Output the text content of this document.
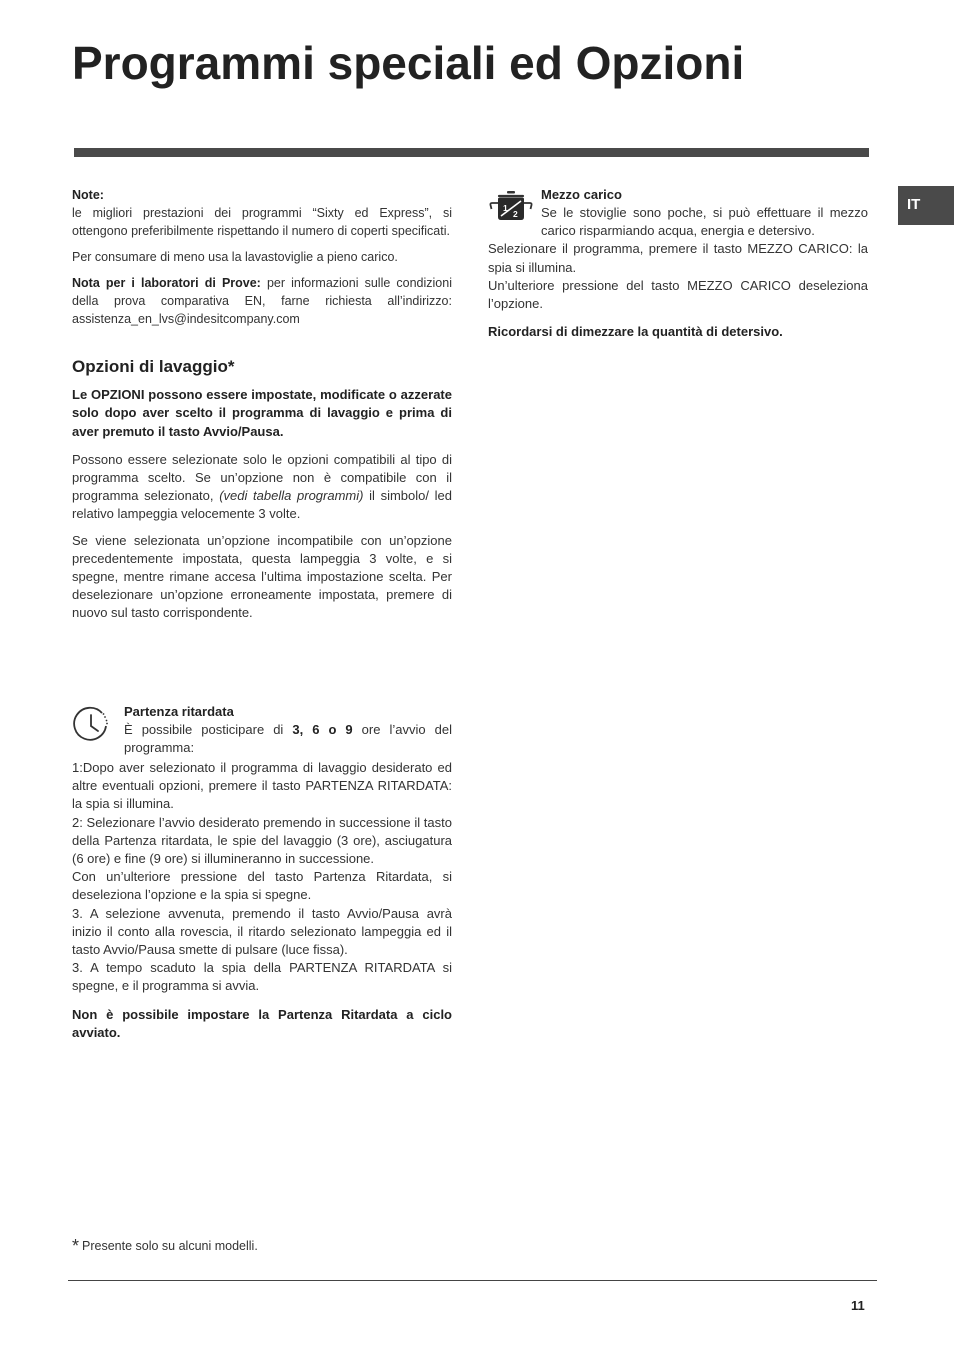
Programmi speciali ed Opzioni
IT
Note:

le migliori prestazioni dei programmi “Sixty ed Express”, si ottengono preferibilmente rispettando il numero di coperti specificati.

Per consumare di meno usa la lavastoviglie a pieno carico.

Nota per i laboratori di Prove: per informazioni sulle condizioni della prova comparativa EN, farne richiesta all’indirizzo: assistenza_en_lvs@indesitcompany.com

Opzioni di lavaggio*

Le OPZIONI possono essere impostate, modificate o azzerate solo dopo aver scelto il programma di lavaggio e prima di aver premuto il tasto Avvio/Pausa.

Possono essere selezionate solo le opzioni compatibili al tipo di programma scelto. Se un’opzione non è compatibile con il programma selezionato, (vedi tabella programmi) il simbolo/ led relativo lampeggia velocemente 3 volte.

Se viene selezionata un’opzione incompatibile con un’opzione precedentemente impostata, questa lampeggia 3 volte, e si spegne, mentre rimane accesa l’ultima impostazione scelta. Per deselezionare un’opzione erroneamente impostata, premere di nuovo sul tasto corrispondente.

Partenza ritardata

È possibile posticipare di 3, 6 o 9 ore l’avvio del programma:

1:Dopo aver selezionato il programma di lavaggio desiderato ed altre eventuali opzioni, premere il tasto PARTENZA RITARDATA: la spia si illumina.

2: Selezionare l’avvio desiderato premendo in successione il tasto della Partenza ritardata, le spie del lavaggio (3 ore), asciugatura (6 ore) e fine (9 ore) si illumineranno in successione.

Con un’ulteriore pressione del tasto Partenza Ritardata, si deseleziona l’opzione e la spia si spegne.

3. A selezione avvenuta, premendo il tasto Avvio/Pausa avrà inizio il conto alla rovescia, il ritardo selezionato lampeggia ed il tasto Avvio/Pausa smette di pulsare (luce fissa).

3. A tempo scaduto la spia della PARTENZA RITARDATA si spegne, e il programma si avvia.

Non è possibile impostare la Partenza Ritardata a ciclo avviato.

1
2
Mezzo carico

Se le stoviglie sono poche, si può effettuare il mezzo carico risparmiando acqua, energia e detersivo.

Selezionare il programma, premere il tasto MEZZO CARICO: la spia si illumina.

Un’ulteriore pressione del tasto MEZZO CARICO deseleziona l’opzione.

Ricordarsi di dimezzare la quantità di detersivo.

* Presente solo su alcuni modelli.
11
